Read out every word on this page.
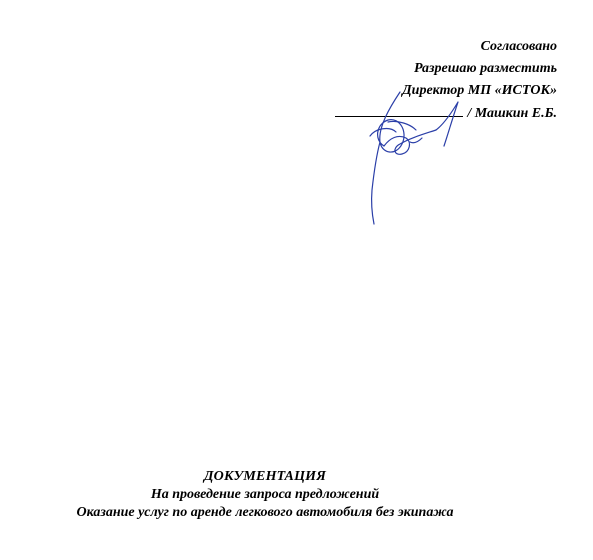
Согласовано
Разрешаю разместить
Директор МП «ИСТОК»
/ Машкин Е.Б.
ДОКУМЕНТАЦИЯ
На проведение запроса предложений
Оказание услуг по аренде легкового автомобиля без экипажа
